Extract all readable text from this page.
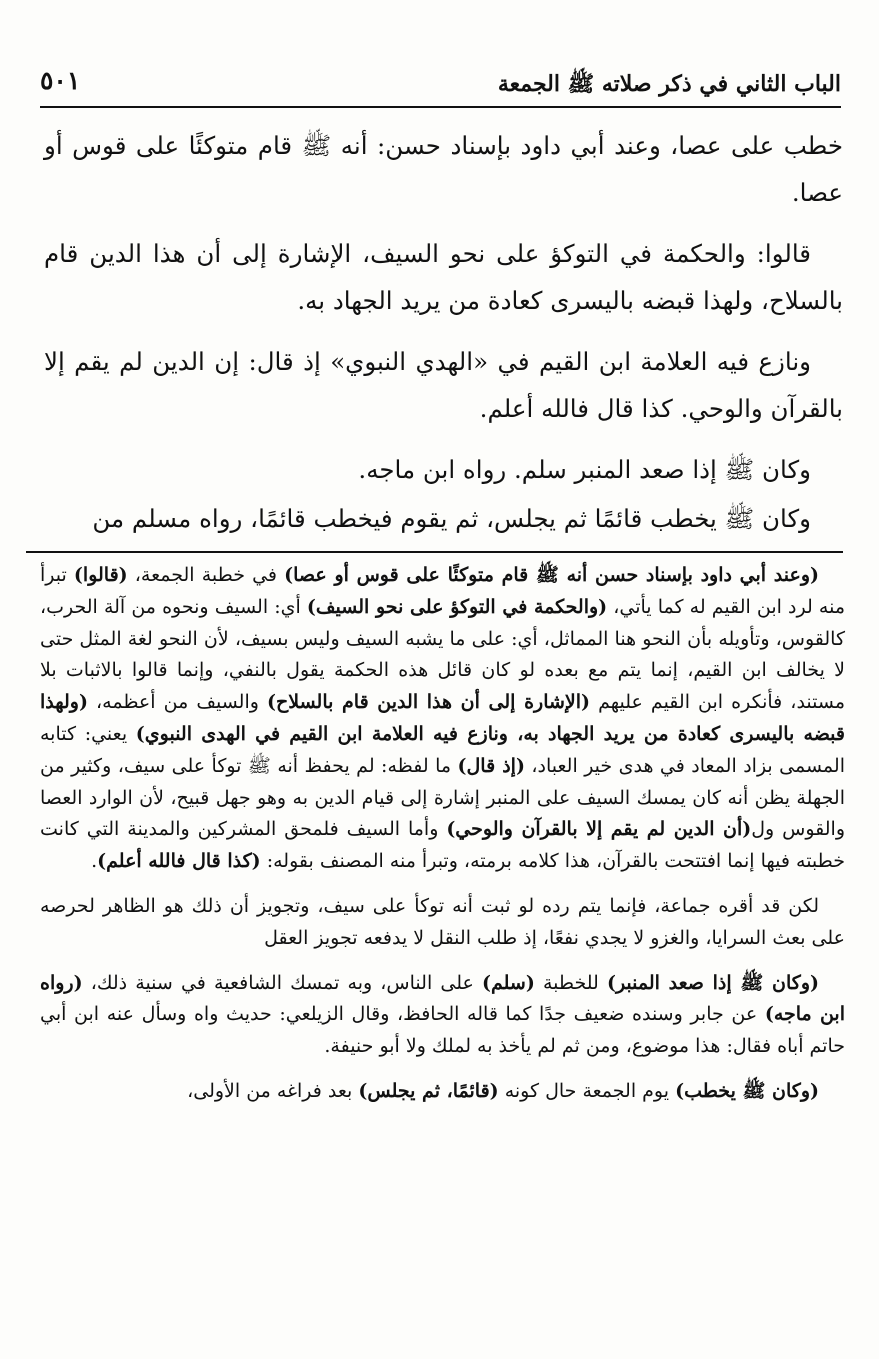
الباب الثاني في ذكر صلاته ﷺ الجمعة
٥٠١

خطب على عصا، وعند أبي داود بإسناد حسن: أنه ﷺ قام متوكئًا على قوس أو عصا.

قالوا: والحكمة في التوكؤ على نحو السيف، الإشارة إلى أن هذا الدين قام بالسلاح، ولهذا قبضه باليسرى كعادة من يريد الجهاد به.

ونازع فيه العلامة ابن القيم في «الهدي النبوي» إذ قال: إن الدين لم يقم إلا بالقرآن والوحي. كذا قال فالله أعلم.

وكان ﷺ إذا صعد المنبر سلم. رواه ابن ماجه.

وكان ﷺ يخطب قائمًا ثم يجلس، ثم يقوم فيخطب قائمًا، رواه مسلم من

(وعند أبي داود بإسناد حسن أنه ﷺ قام متوكئًا على قوس أو عصا) في خطبة الجمعة، (قالوا) تبرأ منه لرد ابن القيم له كما يأتي، (والحكمة في التوكؤ على نحو السيف) أي: السيف ونحوه من آلة الحرب، كالقوس، وتأويله بأن النحو هنا المماثل، أي: على ما يشبه السيف وليس بسيف، لأن النحو لغة المثل حتى لا يخالف ابن القيم، إنما يتم مع بعده لو كان قائل هذه الحكمة يقول بالنفي، وإنما قالوا بالاثبات بلا مستند، فأنكره ابن القيم عليهم (الإشارة إلى أن هذا الدين قام بالسلاح) والسيف من أعظمه، (ولهذا قبضه باليسرى كعادة من يريد الجهاد به، ونازع فيه العلامة ابن القيم في الهدى النبوي) يعني: كتابه المسمى بزاد المعاد في هدى خير العباد، (إذ قال) ما لفظه: لم يحفظ أنه ﷺ توكأ على سيف، وكثير من الجهلة يظن أنه كان يمسك السيف على المنبر إشارة إلى قيام الدين به وهو جهل قبيح، لأن الوارد العصا والقوس ول(أن الدين لم يقم إلا بالقرآن والوحي) وأما السيف فلمحق المشركين والمدينة التي كانت خطبته فيها إنما افتتحت بالقرآن، هذا كلامه برمته، وتبرأ منه المصنف بقوله: (كذا قال فالله أعلم).
لكن قد أقره جماعة، فإنما يتم رده لو ثبت أنه توكأ على سيف، وتجويز أن ذلك هو الظاهر لحرصه على بعث السرايا، والغزو لا يجدي نفعًا، إذ طلب النقل لا يدفعه تجويز العقل
(وكان ﷺ إذا صعد المنبر) للخطبة (سلم) على الناس، وبه تمسك الشافعية في سنية ذلك، (رواه ابن ماجه) عن جابر وسنده ضعيف جدًا كما قاله الحافظ، وقال الزيلعي: حديث واه وسأل عنه ابن أبي حاتم أباه فقال: هذا موضوع، ومن ثم لم يأخذ به لملك ولا أبو حنيفة.
(وكان ﷺ يخطب) يوم الجمعة حال كونه (قائمًا، ثم يجلس) بعد فراغه من الأولى،
